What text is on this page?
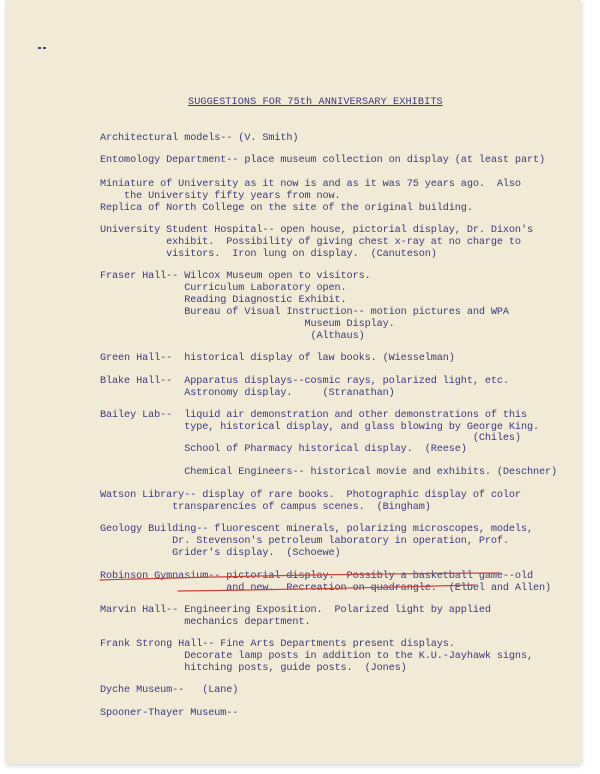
SUGGESTIONS FOR 75th ANNIVERSARY EXHIBITS
Architectural models-- (V. Smith)
Entomology Department-- place museum collection on display (at least part)
Miniature of University as it now is and as it was 75 years ago.  Also
the University fifty years from now.
Replica of North College on the site of the original building.
University Student Hospital-- open house, pictorial display, Dr. Dixon's
exhibit.  Possibility of giving chest x-ray at no charge to
visitors.  Iron lung on display.  (Canuteson)
Fraser Hall-- Wilcox Museum open to visitors.
Curriculum Laboratory open.
Reading Diagnostic Exhibit.
Bureau of Visual Instruction-- motion pictures and WPA
Museum Display.
(Althaus)
Green Hall--  historical display of law books. (Wiesselman)
Blake Hall--  Apparatus displays--cosmic rays, polarized light, etc.
Astronomy display.     (Stranathan)
Bailey Lab--  liquid air demonstration and other demonstrations of this
type, historical display, and glass blowing by George King.
(Chiles)
School of Pharmacy historical display.  (Reese)
Chemical Engineers-- historical movie and exhibits. (Deschner)
Watson Library-- display of rare books.  Photographic display of color
transparencies of campus scenes.  (Bingham)
Geology Building-- fluorescent minerals, polarizing microscopes, models,
Dr. Stevenson's petroleum laboratory in operation, Prof.
Grider's display.  (Schoewe)
Robinson Gymnasium-- pictorial display.  Possibly a basketball game--old
and new.  Recreation on quadrangle.  (Elbel and Allen)
Marvin Hall-- Engineering Exposition.  Polarized light by applied
mechanics department.
Frank Strong Hall-- Fine Arts Departments present displays.
Decorate lamp posts in addition to the K.U.-Jayhawk signs,
hitching posts, guide posts.  (Jones)
Dyche Museum--   (Lane)
Spooner-Thayer Museum--
